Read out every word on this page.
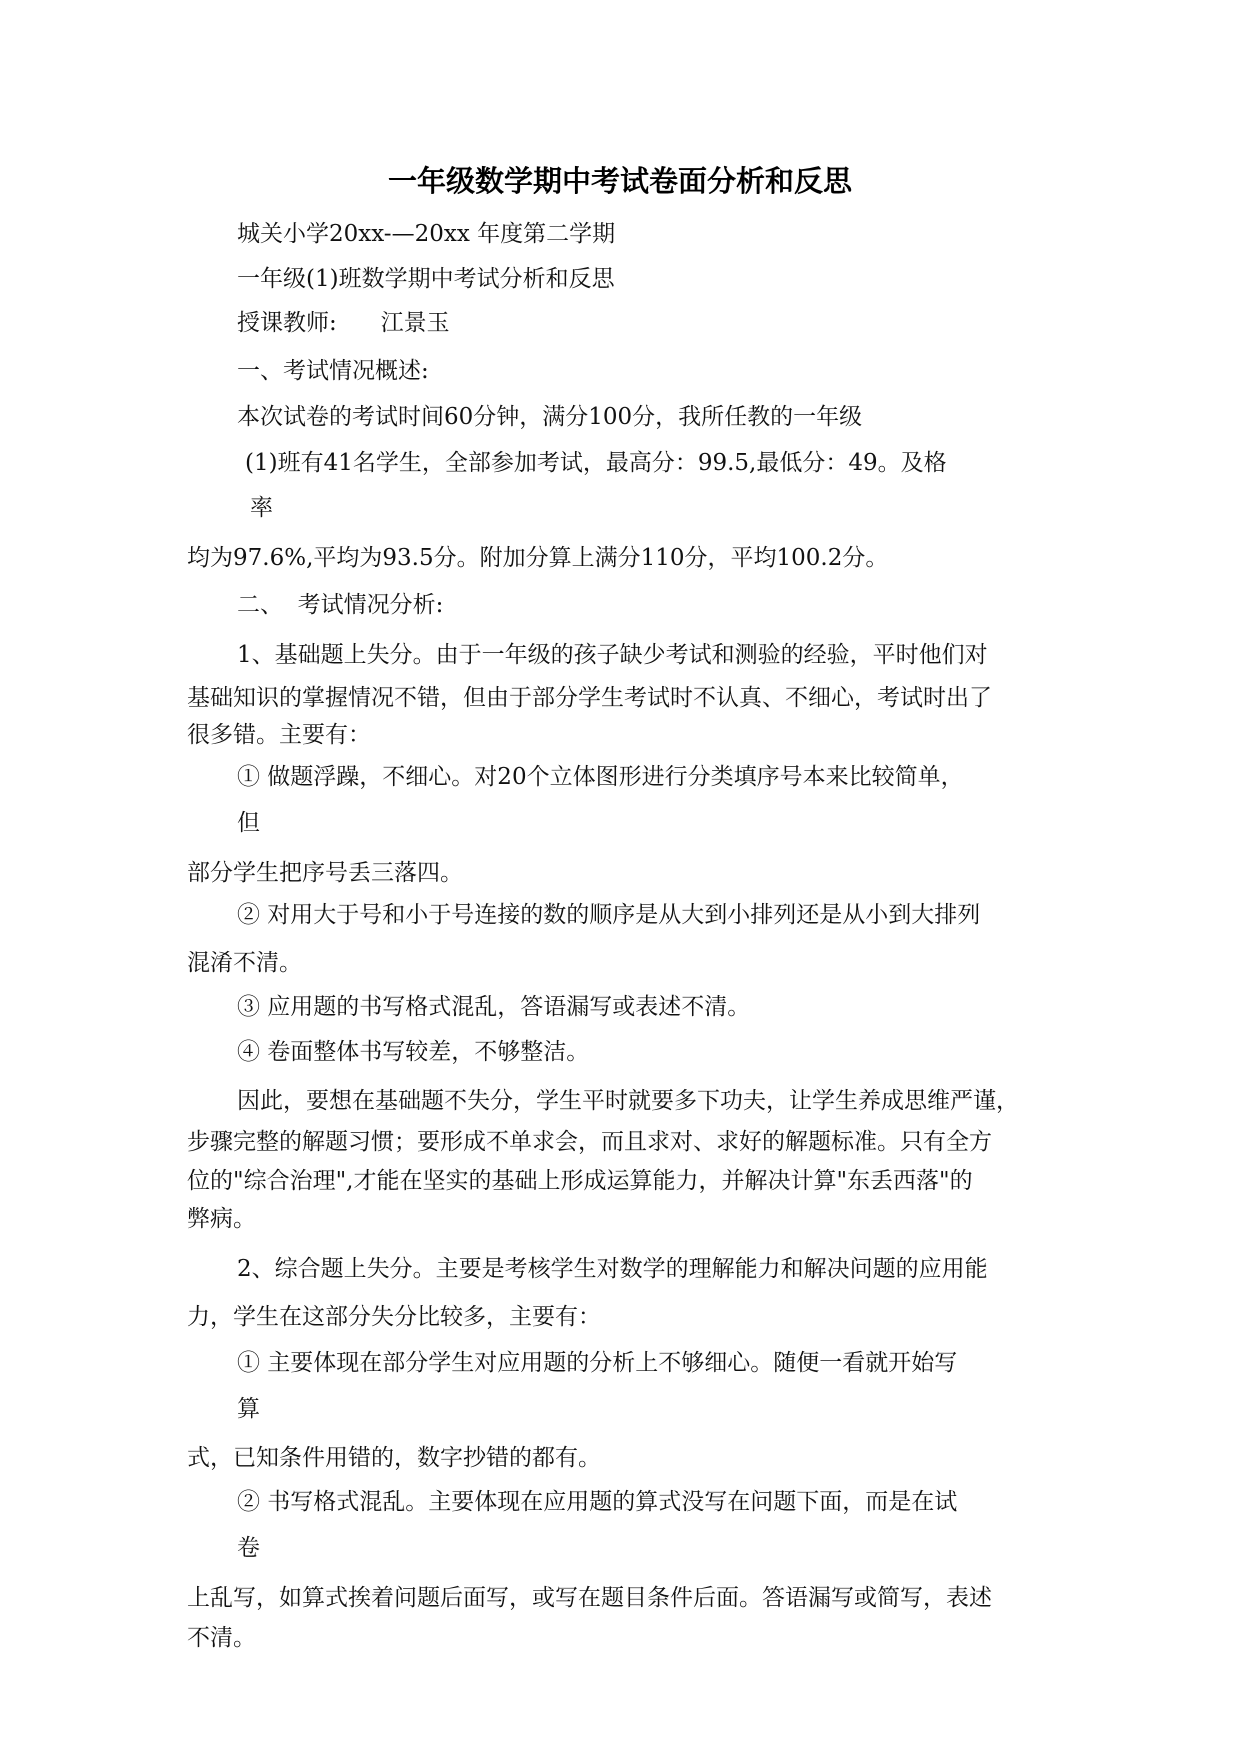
一年级数学期中考试卷面分析和反思
城关小学20xx-—20xx 年度第二学期
一年级(1)班数学期中考试分析和反思
授课教师:      江景玉
一、考试情况概述:
本次试卷的考试时间60分钟，满分100分，我所任教的一年级
(1)班有41名学生，全部参加考试，最高分：99.5,最低分：49。及格
率
均为97.6%,平均为93.5分。附加分算上满分110分，平均100.2分。
二、  考试情况分析:
1、基础题上失分。由于一年级的孩子缺少考试和测验的经验，平时他们对
基础知识的掌握情况不错，但由于部分学生考试时不认真、不细心，考试时出了
很多错。主要有：
① 做题浮躁，不细心。对20个立体图形进行分类填序号本来比较简单，
但
部分学生把序号丢三落四。
② 对用大于号和小于号连接的数的顺序是从大到小排列还是从小到大排列
混淆不清。
③ 应用题的书写格式混乱，答语漏写或表述不清。
④ 卷面整体书写较差，不够整洁。
因此，要想在基础题不失分，学生平时就要多下功夫，让学生养成思维严谨，
步骤完整的解题习惯；要形成不单求会，而且求对、求好的解题标准。只有全方
位的"综合治理",才能在坚实的基础上形成运算能力，并解决计算"东丢西落"的
弊病。
2、综合题上失分。主要是考核学生对数学的理解能力和解决问题的应用能
力，学生在这部分失分比较多，主要有：
① 主要体现在部分学生对应用题的分析上不够细心。随便一看就开始写
算
式，已知条件用错的，数字抄错的都有。
② 书写格式混乱。主要体现在应用题的算式没写在问题下面，而是在试
卷
上乱写，如算式挨着问题后面写，或写在题目条件后面。答语漏写或简写，表述
不清。
